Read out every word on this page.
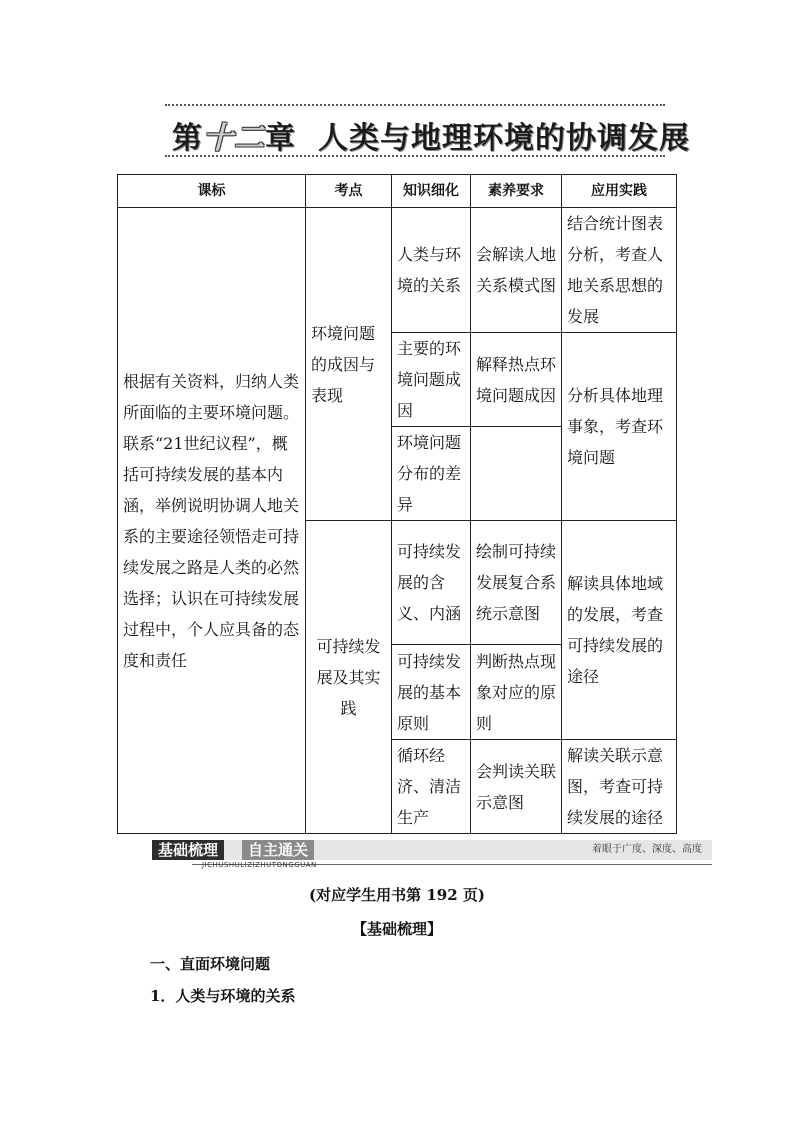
第十二章 人类与地理环境的协调发展
课标	考点	知识细化	素养要求	应用实践
根据有关资料，归纳人类所面临的主要环境问题。联系“21世纪议程”，概括可持续发展的基本内涵，举例说明协调人地关系的主要途径领悟走可持续发展之路是人类的必然选择；认识在可持续发展过程中，个人应具备的态度和责任	环境问题的成因与表现	人类与环境的关系	会解读人地关系模式图	结合统计图表分析，考查人地关系思想的发展
		主要的环境问题成因	解释热点环境问题成因	分析具体地理事象，考查环境问题
		环境问题分布的差异		
	可持续发展及其实践	可持续发展的含义、内涵	绘制可持续发展复合系统示意图	解读具体地域的发展，考查可持续发展的途径
		可持续发展的基本原则	判断热点现象对应的原则	
		循环经济、清洁生产	会判读关联示意图	解读关联示意图，考查可持续发展的途径
自主通关
基础梳理	着眼于广度、深度、高度
JICHUSHULIZIZHUTONGGUAN
(对应学生用书第 192 页)
【基础梳理】
一、直面环境问题
1．人类与环境的关系
